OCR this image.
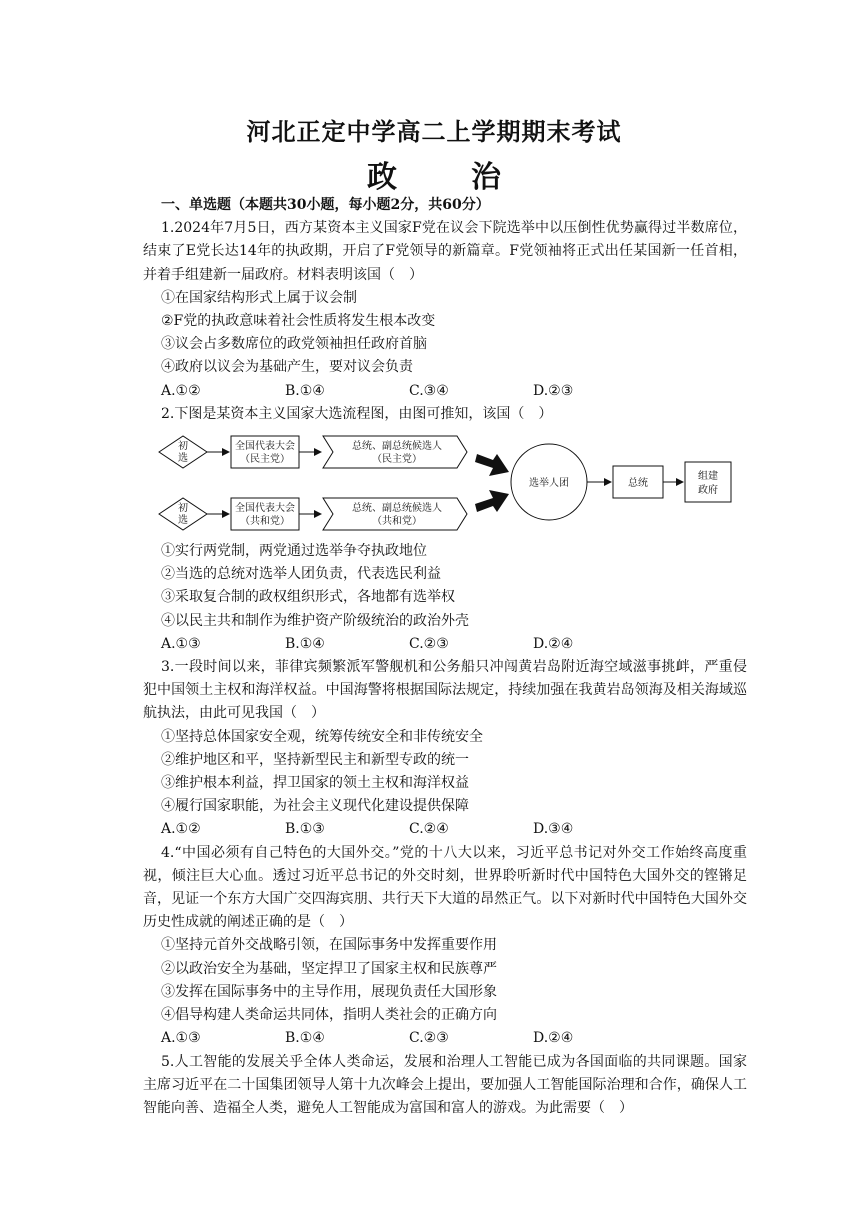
河北正定中学高二上学期期末考试
政　治
一、单选题（本题共30小题，每小题2分，共60分）
1.2024年7月5日，西方某资本主义国家F党在议会下院选举中以压倒性优势赢得过半数席位，结束了E党长达14年的执政期，开启了F党领导的新篇章。F党领袖将正式出任某国新一任首相，并着手组建新一届政府。材料表明该国（　）
①在国家结构形式上属于议会制
②F党的执政意味着社会性质将发生根本改变
③议会占多数席位的政党领袖担任政府首脑
④政府以议会为基础产生，要对议会负责
A.①②	B.①④	C.③④	D.②③
2.下图是某资本主义国家大选流程图，由图可推知，该国（　）
初
选
全国代表大会
（民主党）
总统、副总统候选人
（民主党）
初
选
全国代表大会
（共和党）
总统、副总统候选人
（共和党）
选举人团	总统
组建
政府
①实行两党制，两党通过选举争夺执政地位
②当选的总统对选举人团负责，代表选民利益
③采取复合制的政权组织形式，各地都有选举权
④以民主共和制作为维护资产阶级统治的政治外壳
A.①③	B.①④	C.②③	D.②④
3.一段时间以来，菲律宾频繁派军警舰机和公务船只冲闯黄岩岛附近海空域滋事挑衅，严重侵犯中国领土主权和海洋权益。中国海警将根据国际法规定，持续加强在我黄岩岛领海及相关海域巡航执法，由此可见我国（　）
①坚持总体国家安全观，统筹传统安全和非传统安全
②维护地区和平，坚持新型民主和新型专政的统一
③维护根本利益，捍卫国家的领土主权和海洋权益
④履行国家职能，为社会主义现代化建设提供保障
A.①②	B.①③	C.②④	D.③④
4.“中国必须有自己特色的大国外交。”党的十八大以来，习近平总书记对外交工作始终高度重视，倾注巨大心血。透过习近平总书记的外交时刻，世界聆听新时代中国特色大国外交的铿锵足音，见证一个东方大国广交四海宾朋、共行天下大道的昂然正气。以下对新时代中国特色大国外交历史性成就的阐述正确的是（　）
①坚持元首外交战略引领，在国际事务中发挥重要作用
②以政治安全为基础，坚定捍卫了国家主权和民族尊严
③发挥在国际事务中的主导作用，展现负责任大国形象
④倡导构建人类命运共同体，指明人类社会的正确方向
A.①③	B.①④	C.②③	D.②④
5.人工智能的发展关乎全体人类命运，发展和治理人工智能已成为各国面临的共同课题。国家主席习近平在二十国集团领导人第十九次峰会上提出，要加强人工智能国际治理和合作，确保人工智能向善、造福全人类，避免人工智能成为富国和富人的游戏。为此需要（　）
